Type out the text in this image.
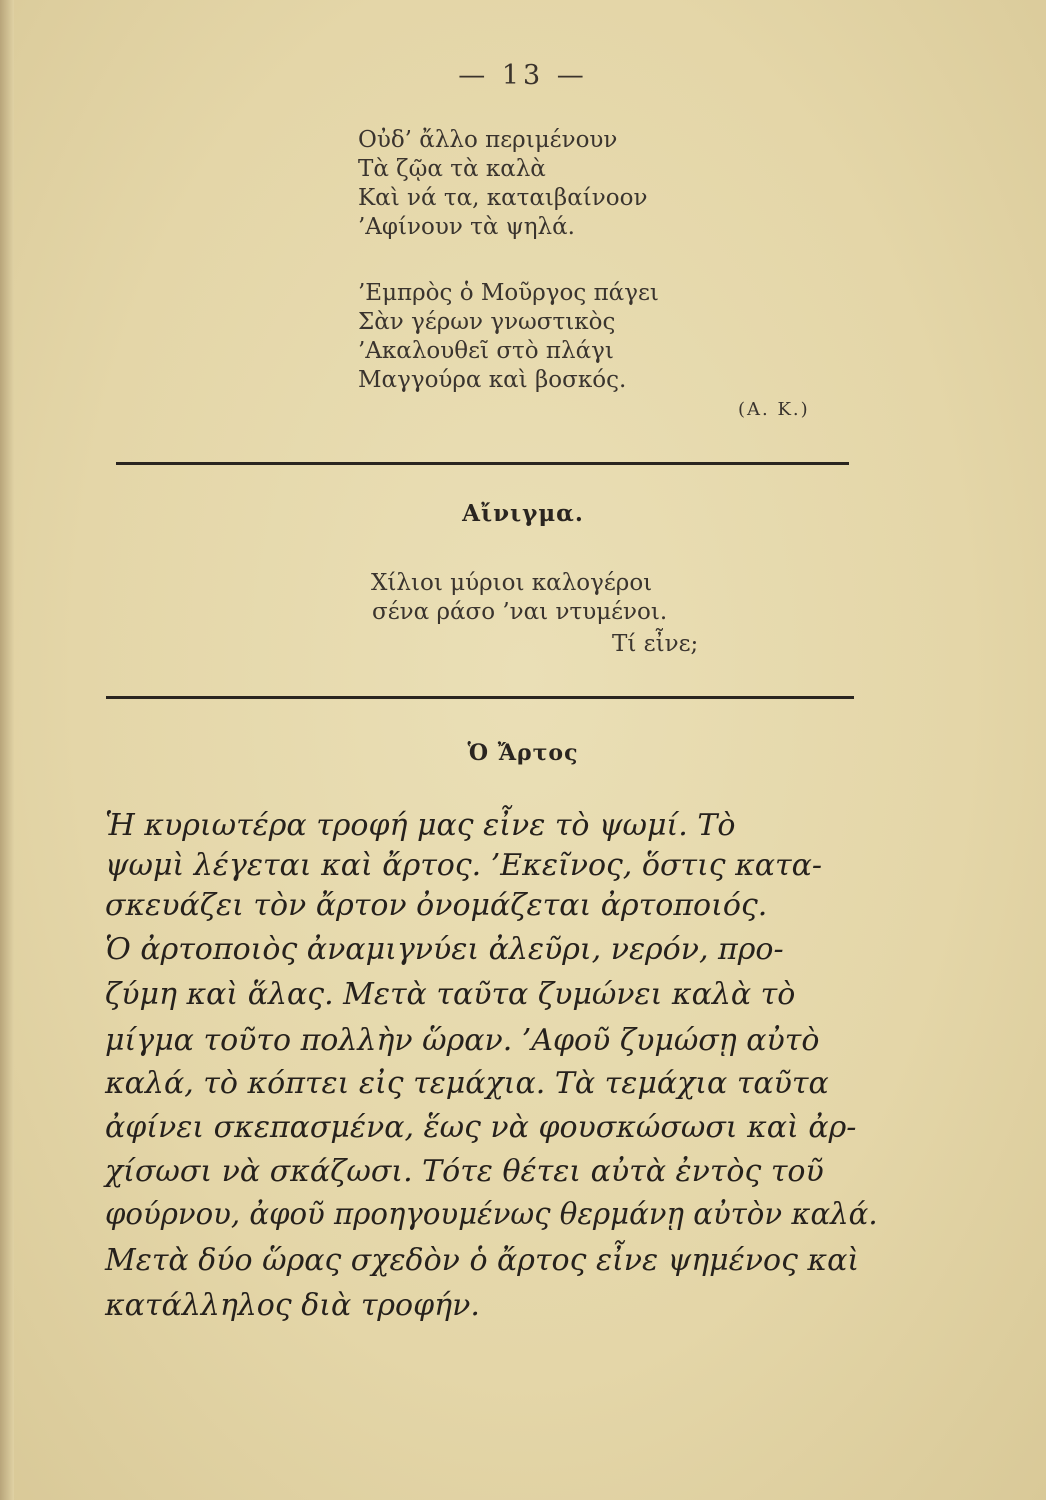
— 13 —
Οὐδ’ ἄλλο περιμένουν
Τὰ ζῷα τὰ καλὰ
Καὶ νά τα, καταιβαίνοον
’Αφίνουν τὰ ψηλά.
’Εμπρὸς ὁ Μοῦργος πάγει
Σὰν γέρων γνωστικὸς
’Ακαλουθεῖ στὸ πλάγι
Μαγγούρα καὶ βοσκός.
(Α. Κ.)
Αἴνιγμα.
Χίλιοι μύριοι καλογέροι
σένα ράσο ’ναι ντυμένοι.
Τί εἶνε;
Ὁ Ἄρτος
Ἡ κυριωτέρα τροφή μας εἶνε τὸ ψωμί. Τὸ
ψωμὶ λέγεται καὶ ἄρτος. ’Εκεῖνος, ὅστις κατα-
σκευάζει τὸν ἄρτον ὀνομάζεται ἀρτοποιός.
Ὁ ἀρτοποιὸς ἀναμιγνύει ἀλεῦρι, νερόν, προ-
ζύμη καὶ ἅλας. Μετὰ ταῦτα ζυμώνει καλὰ τὸ
μίγμα τοῦτο πολλὴν ὥραν. ’Αφοῦ ζυμώσῃ αὐτὸ
καλά, τὸ κόπτει εἰς τεμάχια. Τὰ τεμάχια ταῦτα
ἀφίνει σκεπασμένα, ἕως νὰ φουσκώσωσι καὶ ἀρ-
χίσωσι νὰ σκάζωσι. Τότε θέτει αὐτὰ ἐντὸς τοῦ
φούρνου, ἀφοῦ προηγουμένως θερμάνῃ αὐτὸν καλά.
Μετὰ δύο ὥρας σχεδὸν ὁ ἄρτος εἶνε ψημένος καὶ
κατάλληλος διὰ τροφήν.
